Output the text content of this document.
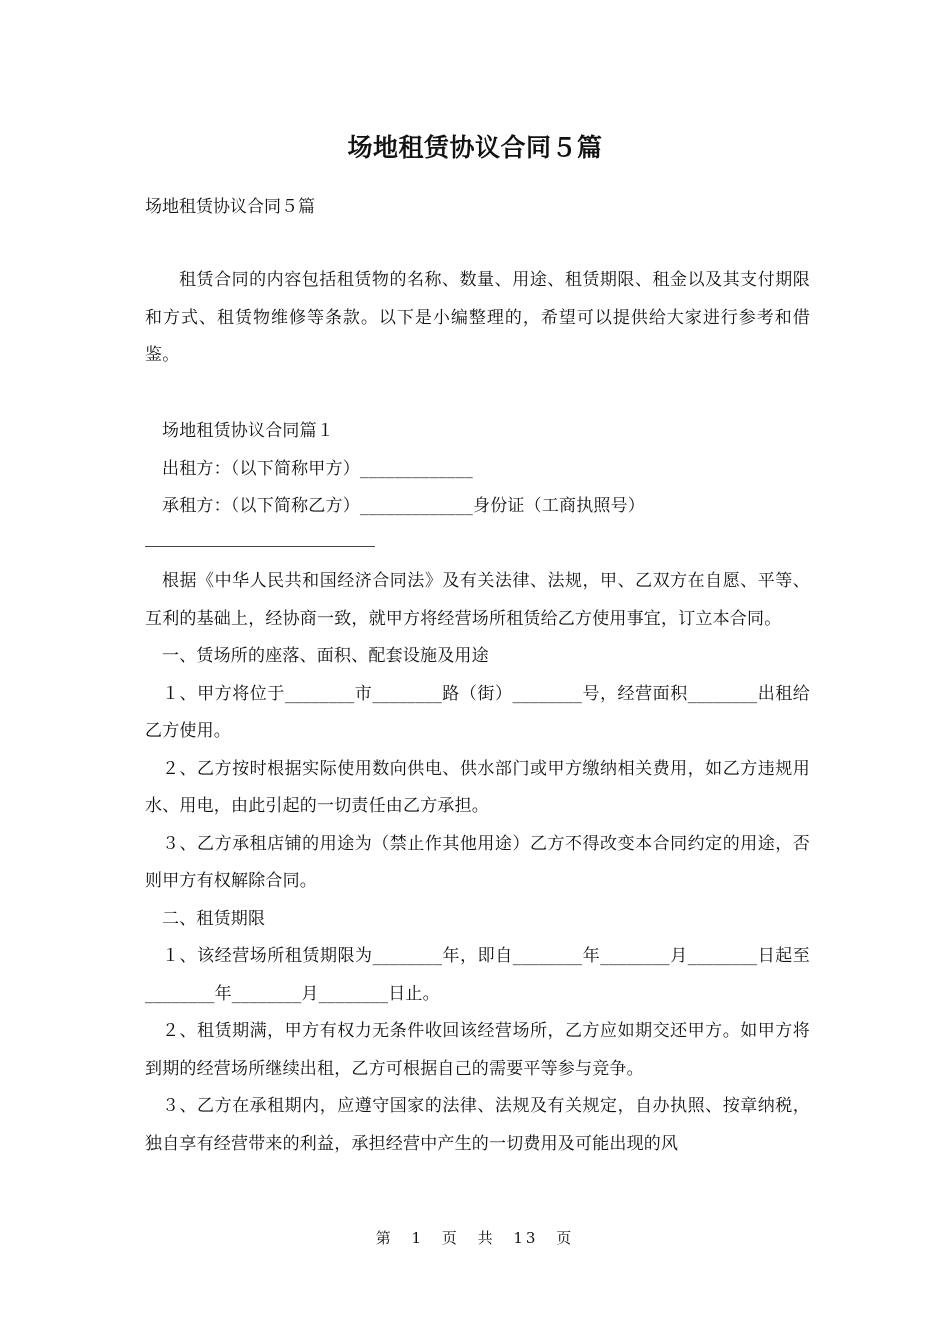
场地租赁协议合同５篇

场地租赁协议合同５篇

租赁合同的内容包括租赁物的名称、数量、用途、租赁期限、租金以及其支付期限和方式、租赁物维修等条款。以下是小编整理的，希望可以提供给大家进行参考和借鉴。

场地租赁协议合同篇１

出租方：（以下简称甲方）_____________

承租方：（以下简称乙方）_____________身份证（工商执照号）

根据《中华人民共和国经济合同法》及有关法律、法规，甲、乙双方在自愿、平等、互利的基础上，经协商一致，就甲方将经营场所租赁给乙方使用事宜，订立本合同。

一、赁场所的座落、面积、配套设施及用途

１、甲方将位于________市________路（街）________号，经营面积________出租给乙方使用。

２、乙方按时根据实际使用数向供电、供水部门或甲方缴纳相关费用，如乙方违规用水、用电，由此引起的一切责任由乙方承担。

３、乙方承租店铺的用途为（禁止作其他用途）乙方不得改变本合同约定的用途，否则甲方有权解除合同。

二、租赁期限

１、该经营场所租赁期限为________年，即自________年________月________日起至________年________月________日止。

２、租赁期满，甲方有权力无条件收回该经营场所，乙方应如期交还甲方。如甲方将到期的经营场所继续出租，乙方可根据自己的需要平等参与竞争。

３、乙方在承租期内，应遵守国家的法律、法规及有关规定，自办执照、按章纳税，独自享有经营带来的利益，承担经营中产生的一切费用及可能出现的风

第 1 页 共 13 页
